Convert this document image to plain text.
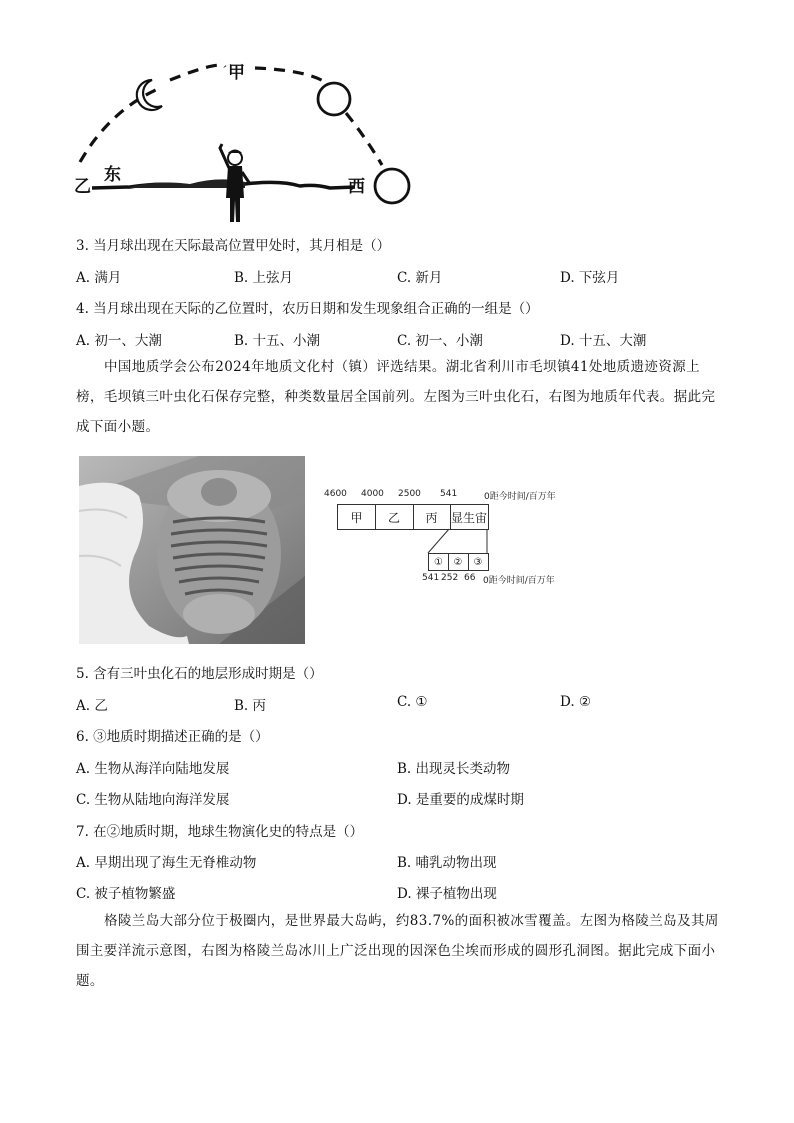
甲
乙
东
西
3. 当月球出现在天际最高位置甲处时，其月相是（）
A. 满月	B. 上弦月	C. 新月	D. 下弦月
4. 当月球出现在天际的乙位置时，农历日期和发生现象组合正确的一组是（）
A. 初一、大潮	B. 十五、小潮	C. 初一、小潮	D. 十五、大潮
中国地质学会公布2024年地质文化村（镇）评选结果。湖北省利川市毛坝镇41处地质遗迹资源上榜，毛坝镇三叶虫化石保存完整，种类数量居全国前列。左图为三叶虫化石，右图为地质年代表。据此完成下面小题。
4600 4000 2500 541	0距今时间/百万年
甲	乙	丙	显生宙
①	②	③
541 252 66 0距今时间/百万年
5. 含有三叶虫化石的地层形成时期是（）
A. 乙	B. 丙	C. ①	D. ②
6. ③地质时期描述正确的是（）
A. 生物从海洋向陆地发展	B. 出现灵长类动物
C. 生物从陆地向海洋发展	D. 是重要的成煤时期
7. 在②地质时期，地球生物演化史的特点是（）
A. 早期出现了海生无脊椎动物	B. 哺乳动物出现
C. 被子植物繁盛	D. 裸子植物出现
格陵兰岛大部分位于极圈内，是世界最大岛屿，约83.7%的面积被冰雪覆盖。左图为格陵兰岛及其周围主要洋流示意图，右图为格陵兰岛冰川上广泛出现的因深色尘埃而形成的圆形孔洞图。据此完成下面小题。
